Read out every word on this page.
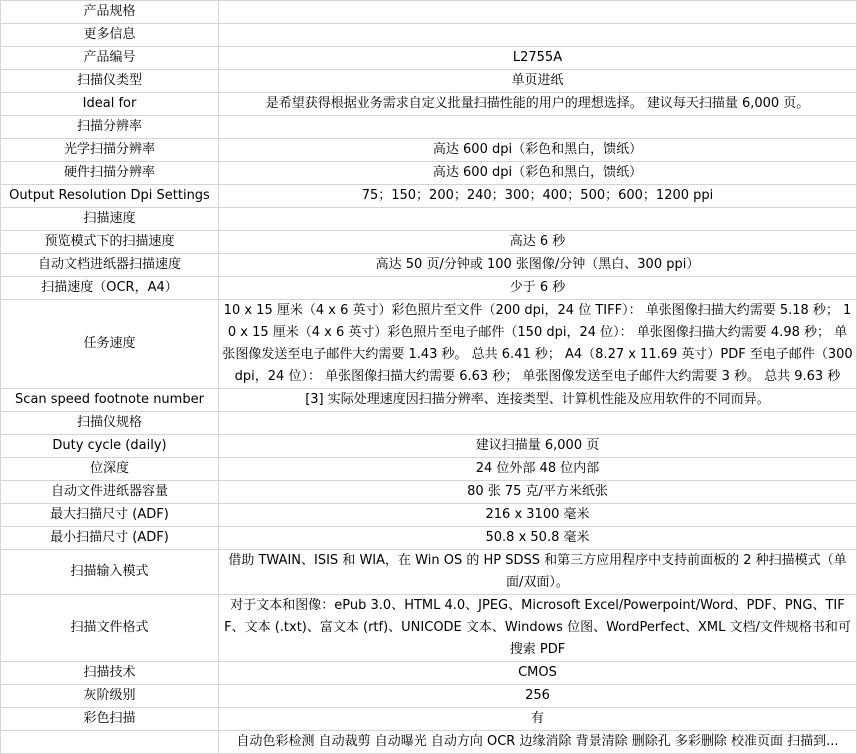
产品规格	
更多信息	
产品编号	L2755A
扫描仪类型	单页进纸
Ideal for	是希望获得根据业务需求自定义批量扫描性能的用户的理想选择。 建议每天扫描量 6,000 页。
扫描分辨率	
光学扫描分辨率	高达 600 dpi（彩色和黑白，馈纸）
硬件扫描分辨率	高达 600 dpi（彩色和黑白，馈纸）
Output Resolution Dpi Settings	75；150；200；240；300；400；500；600；1200 ppi
扫描速度	
预览模式下的扫描速度	高达 6 秒
自动文档进纸器扫描速度	高达 50 页/分钟或 100 张图像/分钟（黑白、300 ppi）
扫描速度（OCR，A4）	少于 6 秒
任务速度	10 x 15 厘米（4 x 6 英寸）彩色照片至文件（200 dpi，24 位 TIFF）： 单张图像扫描大约需要 5.18 秒； 10 x 15 厘米（4 x 6 英寸）彩色照片至电子邮件（150 dpi，24 位）： 单张图像扫描大约需要 4.98 秒； 单张图像发送至电子邮件大约需要 1.43 秒。 总共 6.41 秒； A4（8.27 x 11.69 英寸）PDF 至电子邮件（300 dpi，24 位）： 单张图像扫描大约需要 6.63 秒； 单张图像发送至电子邮件大约需要 3 秒。 总共 9.63 秒
Scan speed footnote number	[3] 实际处理速度因扫描分辨率、连接类型、计算机性能及应用软件的不同而异。
扫描仪规格	
Duty cycle (daily)	建议扫描量 6,000 页
位深度	24 位外部 48 位内部
自动文件进纸器容量	80 张 75 克/平方米纸张
最大扫描尺寸 (ADF)	216 x 3100 毫米
最小扫描尺寸 (ADF)	50.8 x 50.8 毫米
扫描输入模式	借助 TWAIN、ISIS 和 WIA，在 Win OS 的 HP SDSS 和第三方应用程序中支持前面板的 2 种扫描模式（单面/双面）。
扫描文件格式	对于文本和图像：ePub 3.0、HTML 4.0、JPEG、Microsoft Excel/Powerpoint/Word、PDF、PNG、TIFF、文本 (.txt)、富文本 (rtf)、UNICODE 文本、Windows 位图、WordPerfect、XML 文档/文件规格书和可搜索 PDF
扫描技术	CMOS
灰阶级别	256
彩色扫描	有
	自动色彩检测 自动裁剪 自动曝光 自动方向 OCR 边缘消除 背景清除 删除孔 多彩删除 校准页面 扫描到...
